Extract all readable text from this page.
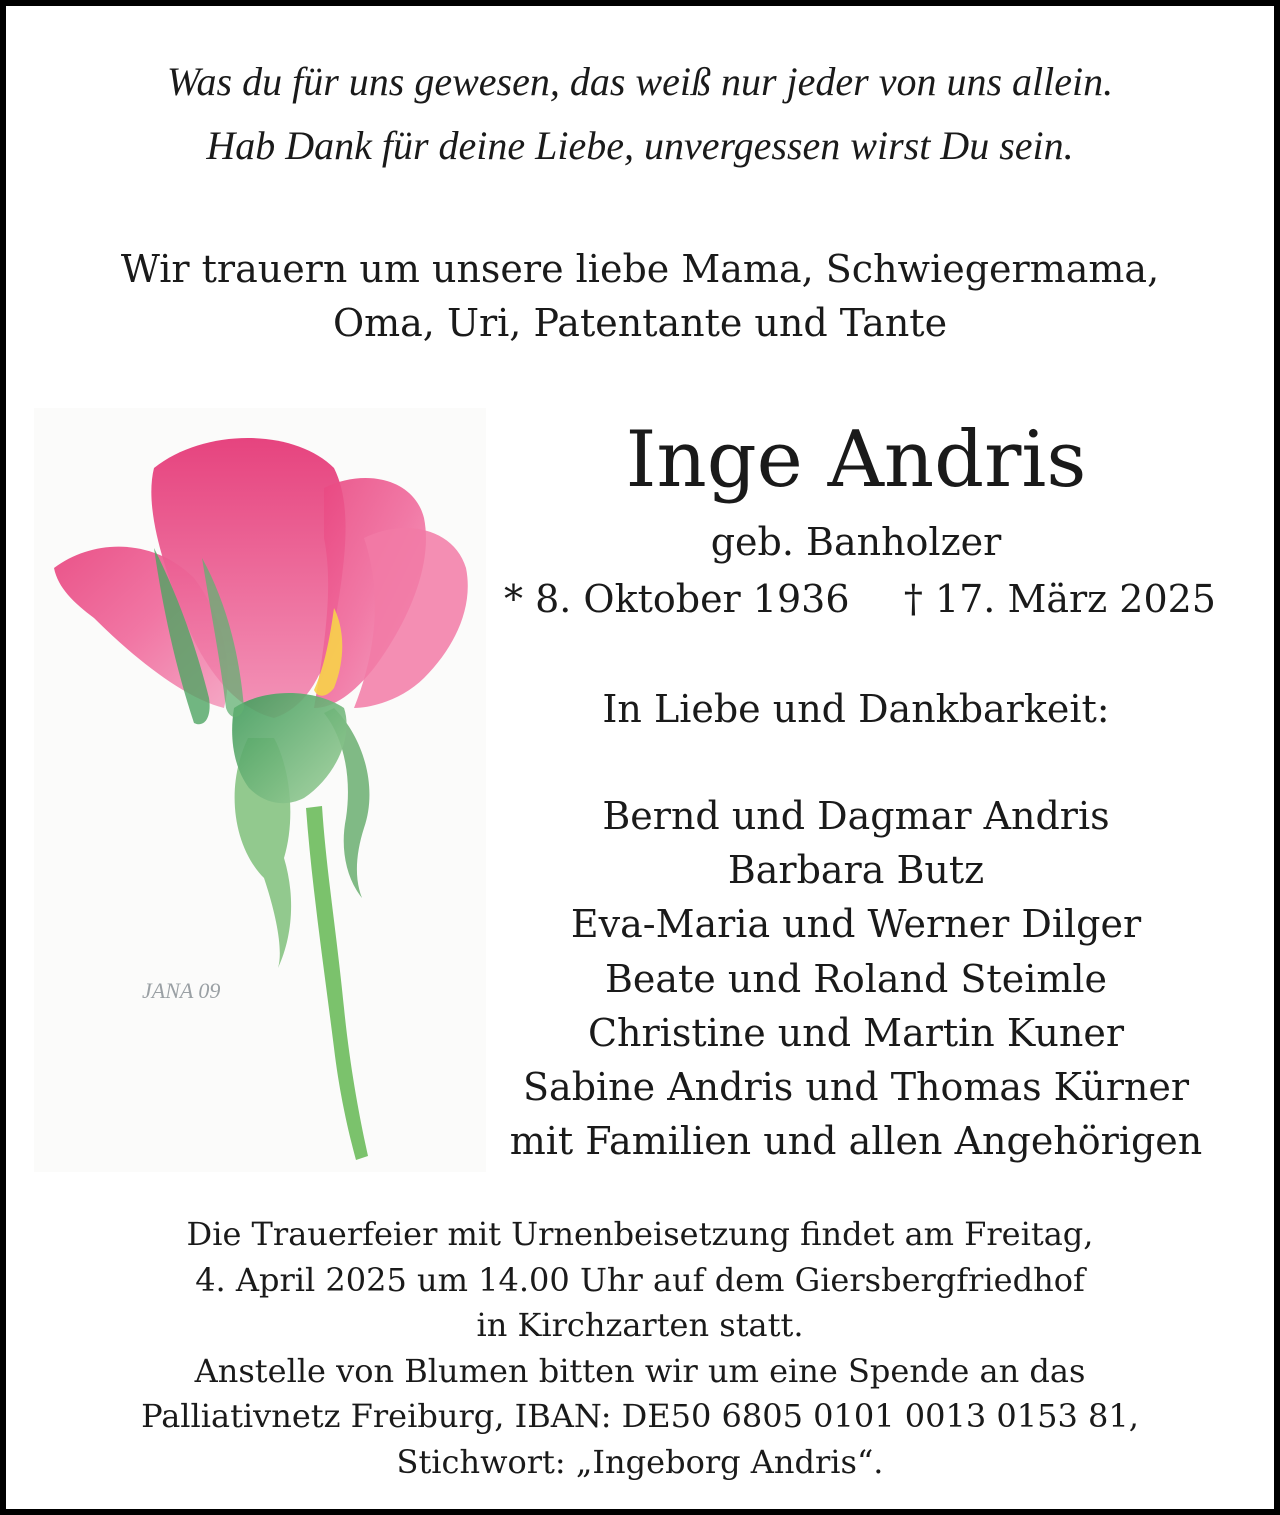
Was du für uns gewesen, das weiß nur jeder von uns allein.
Hab Dank für deine Liebe, unvergessen wirst Du sein.
Wir trauern um unsere liebe Mama, Schwiegermama,
Oma, Uri, Patentante und Tante
JANA 09
Inge Andris
geb. Banholzer
* 8. Oktober 1936 † 17. März 2025
In Liebe und Dankbarkeit:
Bernd und Dagmar Andris
Barbara Butz
Eva-Maria und Werner Dilger
Beate und Roland Steimle
Christine und Martin Kuner
Sabine Andris und Thomas Kürner
mit Familien und allen Angehörigen
Die Trauerfeier mit Urnenbeisetzung findet am Freitag,
4. April 2025 um 14.00 Uhr auf dem Giersbergfriedhof
in Kirchzarten statt.
Anstelle von Blumen bitten wir um eine Spende an das
Palliativnetz Freiburg, IBAN: DE50 6805 0101 0013 0153 81,
Stichwort: „Ingeborg Andris“.
